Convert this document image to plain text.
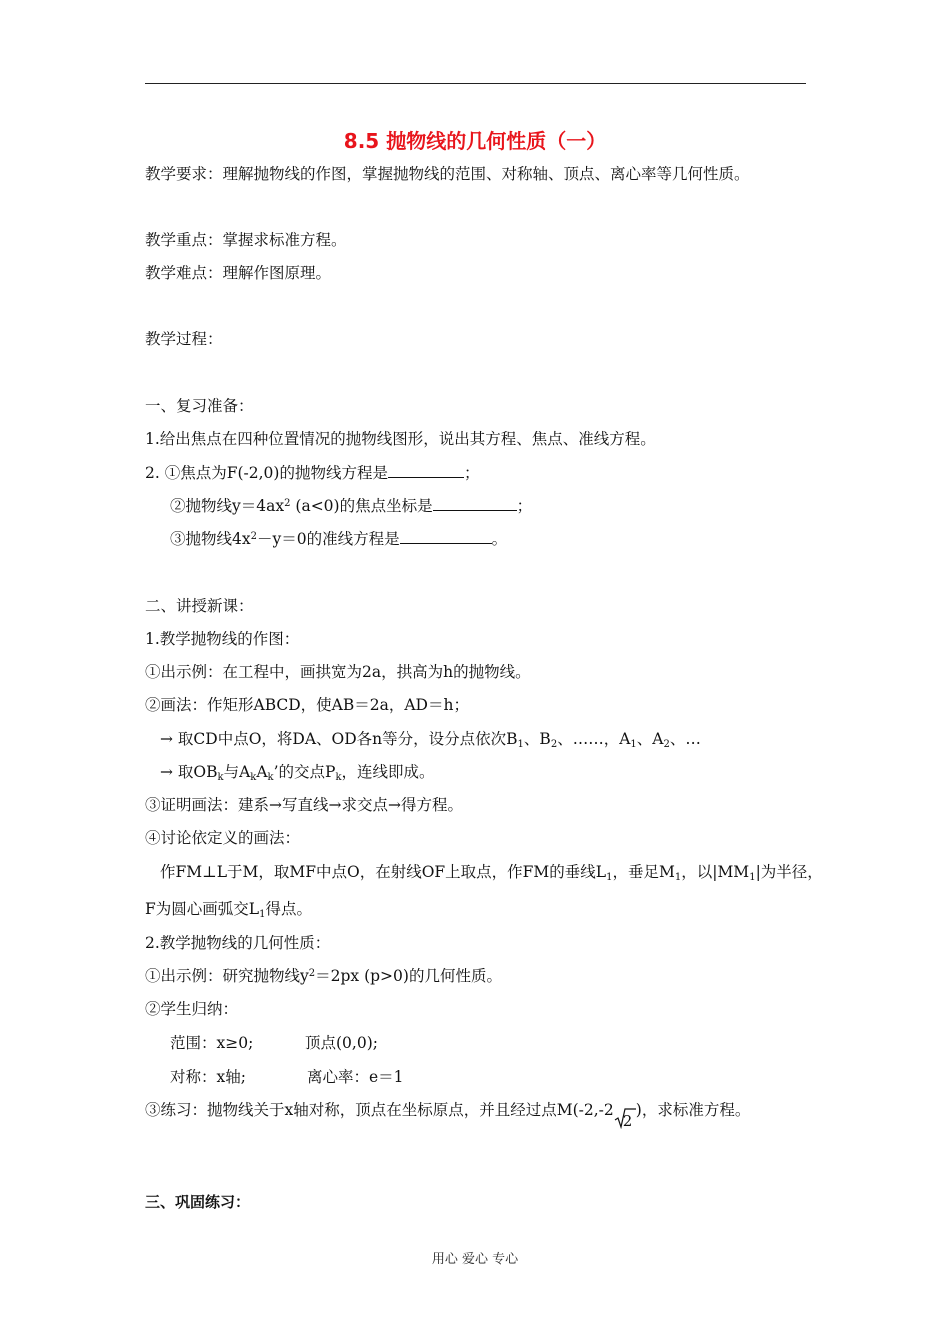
8.5 抛物线的几何性质（一）
教学要求：理解抛物线的作图，掌握抛物线的范围、对称轴、顶点、离心率等几何性质。
教学重点：掌握求标准方程。
教学难点：理解作图原理。
教学过程：
一、复习准备：
1.给出焦点在四种位置情况的抛物线图形，说出其方程、焦点、准线方程。
2. ①焦点为F(-2,0)的抛物线方程是	；
②抛物线$y=4ax^2$ (a<0)的焦点坐标是	；
③抛物线$4x^2-y=0$的准线方程是	。
二、讲授新课：
1.教学抛物线的作图：
①出示例：在工程中，画拱宽为2a，拱高为h的抛物线。
②画法：作矩形ABCD，使AB＝2a，AD＝h；
→ 取CD中点O，将DA、OD各n等分，设分点依次$B_1$、$B_2$、……，$A_1$、$A_2$、…
→ 取$OB_k$与$A_kA_k$’的交点$P_k$，连线即成。
③证明画法：建系→写直线→求交点→得方程。
④讨论依定义的画法：
作FM⊥L于M，取MF中点O，在射线OF上取点，作FM的垂线$L_1$，垂足$M_1$，以$|MM_1|$为半径，
F为圆心画弧交$L_1$得点。
2.教学抛物线的几何性质：
①出示例：研究抛物线$y^2=2px$ (p>0)的几何性质。
②学生归纳：
范围：x≥0;	顶点(0,0);
对称：x轴;	离心率：e＝1
③练习：抛物线关于x轴对称，顶点在坐标原点，并且经过点M(-2,-2
2
)，求标准方程。
三、巩固练习：
用心 爱心 专心
